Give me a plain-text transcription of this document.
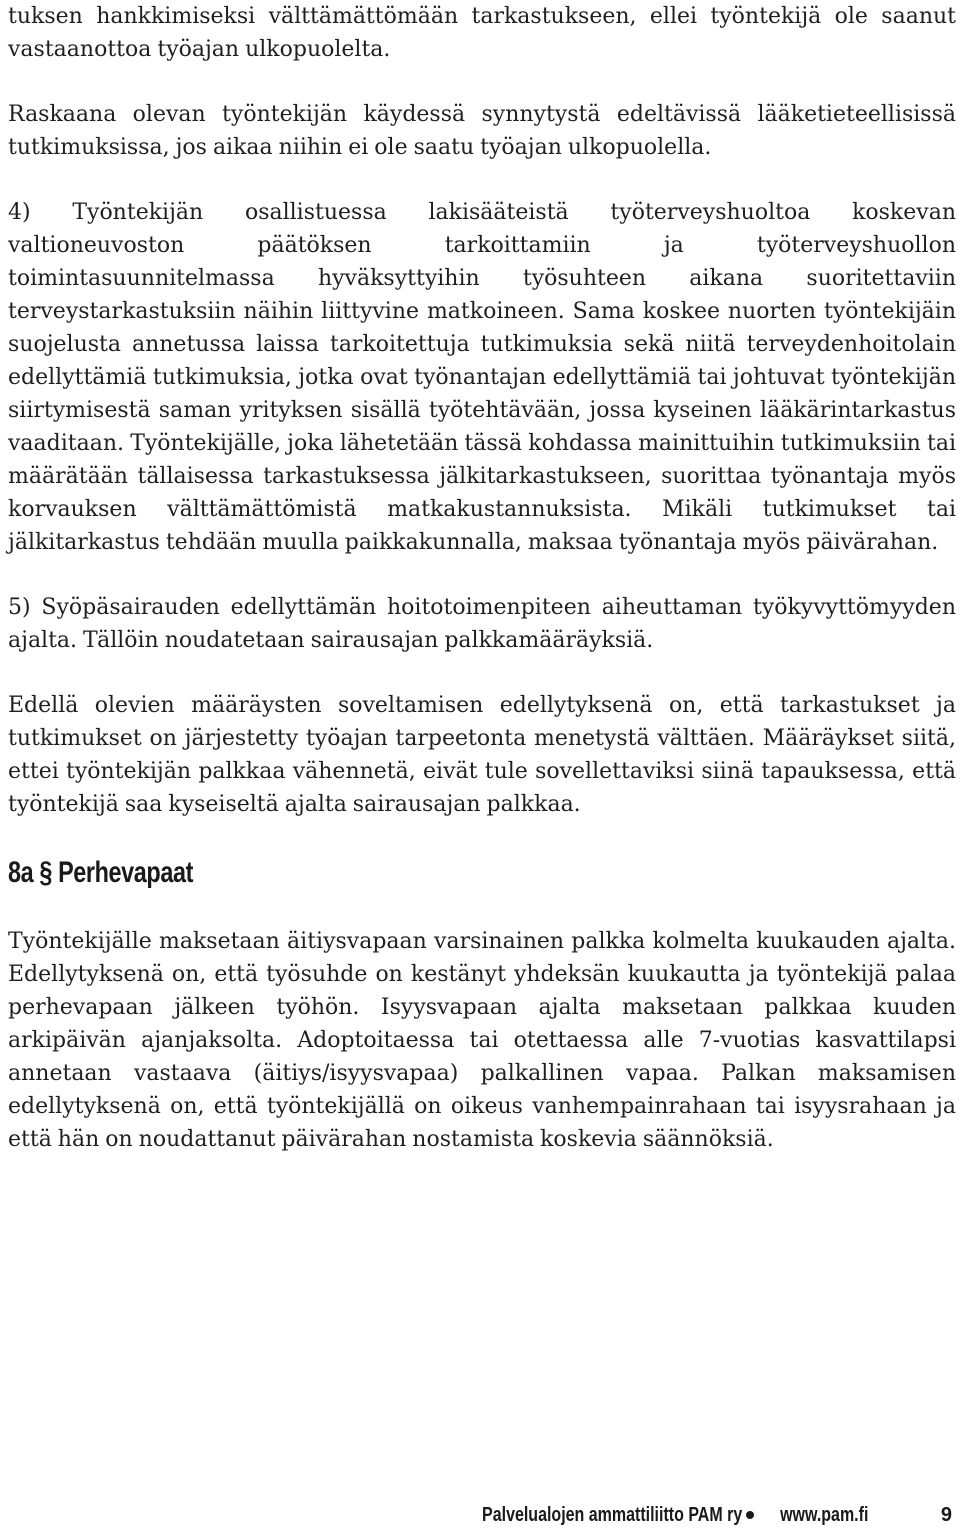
tuksen hankkimiseksi välttämättömään tarkastukseen, ellei työntekijä ole saanut vastaanottoa työajan ulkopuolelta.

Raskaana olevan työntekijän käydessä synnytystä edeltävissä lääketieteellisissä tutkimuksissa, jos aikaa niihin ei ole saatu työajan ulkopuolella.

4) Työntekijän osallistuessa lakisääteistä työterveyshuoltoa koskevan valtioneuvoston päätöksen tarkoittamiin ja työterveyshuollon toimintasuunnitelmassa hyväksyttyihin työsuhteen aikana suoritettaviin terveystarkastuksiin näihin liittyvine matkoineen. Sama koskee nuorten työntekijäin suojelusta annetussa laissa tarkoitettuja tutkimuksia sekä niitä terveydenhoitolain edellyttämiä tutkimuksia, jotka ovat työnantajan edellyttämiä tai johtuvat työntekijän siirtymisestä saman yrityksen sisällä työtehtävään, jossa kyseinen lääkärintarkastus vaaditaan. Työntekijälle, joka lähetetään tässä kohdassa mainittuihin tutkimuksiin tai määrätään tällaisessa tarkastuksessa jälkitarkastukseen, suorittaa työnantaja myös korvauksen välttämättömistä matkakustannuksista. Mikäli tutkimukset tai jälkitarkastus tehdään muulla paikkakunnalla, maksaa työnantaja myös päivärahan.

5) Syöpäsairauden edellyttämän hoitotoimenpiteen aiheuttaman työkyvyttömyyden ajalta. Tällöin noudatetaan sairausajan palkkamääräyksiä.

Edellä olevien määräysten soveltamisen edellytyksenä on, että tarkastukset ja tutkimukset on järjestetty työajan tarpeetonta menetystä välttäen. Määräykset siitä, ettei työntekijän palkkaa vähennetä, eivät tule sovellettaviksi siinä tapauksessa, että työntekijä saa kyseiseltä ajalta sairausajan palkkaa.

8a § Perhevapaat

Työntekijälle maksetaan äitiysvapaan varsinainen palkka kolmelta kuukauden ajalta. Edellytyksenä on, että työsuhde on kestänyt yhdeksän kuukautta ja työntekijä palaa perhevapaan jälkeen työhön. Isyysvapaan ajalta maksetaan palkkaa kuuden arkipäivän ajanjaksolta. Adoptoitaessa tai otettaessa alle 7-vuotias kasvattilapsi annetaan vastaava (äitiys/isyysvapaa) palkallinen vapaa. Palkan maksamisen edellytyksenä on, että työntekijällä on oikeus vanhempainrahaan tai isyysrahaan ja että hän on noudattanut päivärahan nostamista koskevia säännöksiä.

Palvelualojen ammattiliitto PAM ry www.pam.fi	9
